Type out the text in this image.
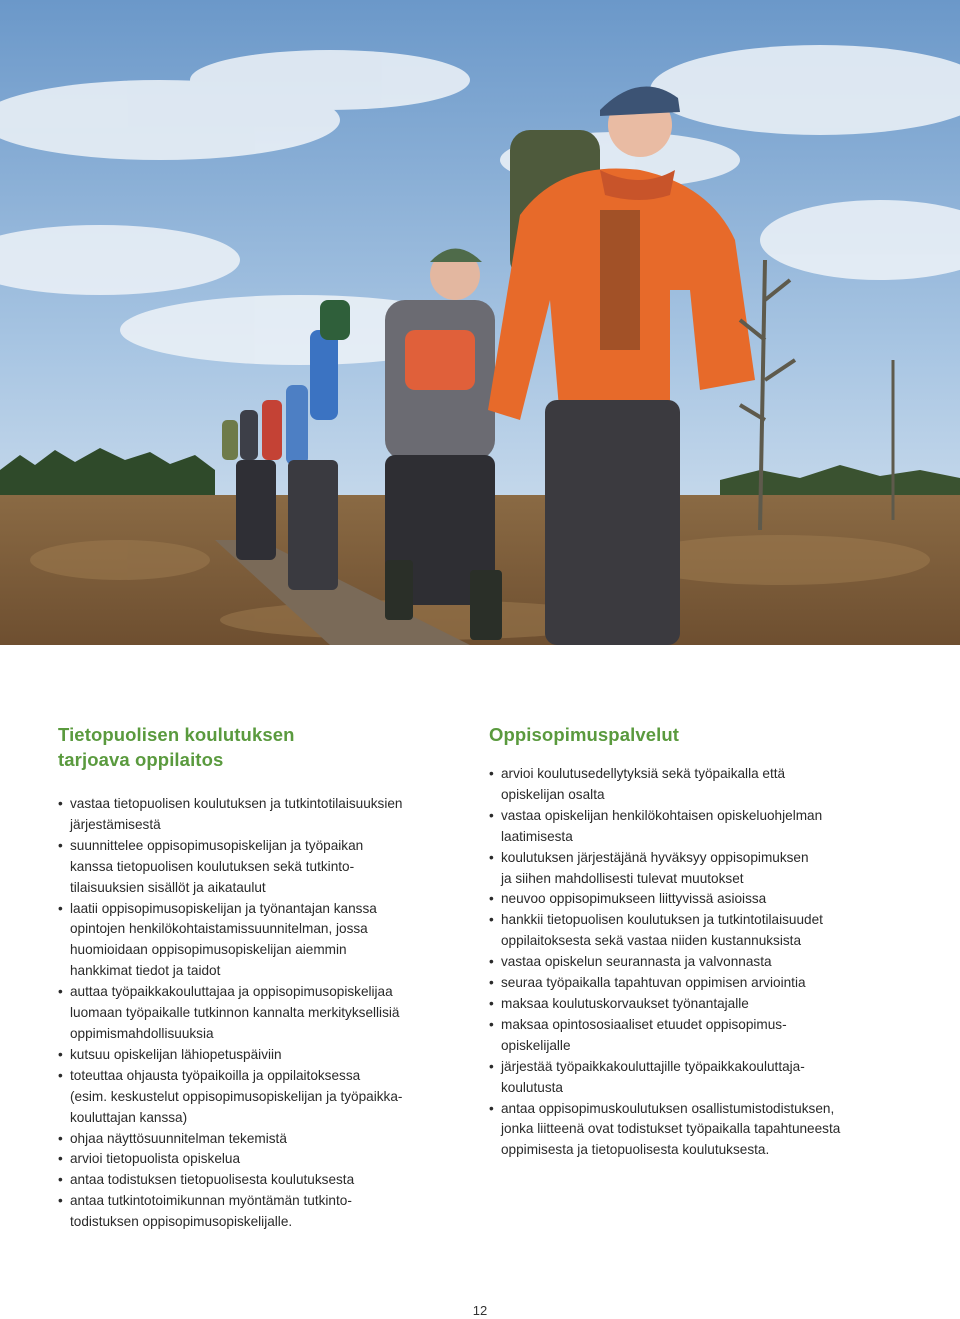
Tietopuolisen koulutuksen
tarjoava oppilaitos
• vastaa tietopuolisen koulutuksen ja tutkintotilaisuuksien
järjestämisestä
• suunnittelee oppisopimusopiskelijan ja työpaikan
kanssa tietopuolisen koulutuksen sekä tutkinto-
tilaisuuksien sisällöt ja aikataulut
• laatii oppisopimusopiskelijan ja työnantajan kanssa
opintojen henkilökohtaistamissuunnitelman, jossa
huomioidaan oppisopimusopiskelijan aiemmin
hankkimat tiedot ja taidot
• auttaa työpaikkakouluttajaa ja oppisopimusopiskelijaa
luomaan työpaikalle tutkinnon kannalta merkityksellisiä
oppimismahdollisuuksia
• kutsuu opiskelijan lähiopetuspäiviin
• toteuttaa ohjausta työpaikoilla ja oppilaitoksessa
(esim. keskustelut oppisopimusopiskelijan ja työpaikka-
kouluttajan kanssa)
• ohjaa näyttösuunnitelman tekemistä
• arvioi tietopuolista opiskelua
• antaa todistuksen tietopuolisesta koulutuksesta
• antaa tutkintotoimikunnan myöntämän tutkinto-
todistuksen oppisopimusopiskelijalle.
Oppisopimuspalvelut
• arvioi koulutusedellytyksiä sekä työpaikalla että
opiskelijan osalta
• vastaa opiskelijan henkilökohtaisen opiskeluohjelman
laatimisesta
• koulutuksen järjestäjänä hyväksyy oppisopimuksen
ja siihen mahdollisesti tulevat muutokset
• neuvoo oppisopimukseen liittyvissä asioissa
• hankkii tietopuolisen koulutuksen ja tutkintotilaisuudet
oppilaitoksesta sekä vastaa niiden kustannuksista
• vastaa opiskelun seurannasta ja valvonnasta
• seuraa työpaikalla tapahtuvan oppimisen arviointia
• maksaa koulutuskorvaukset työnantajalle
• maksaa opintososiaaliset etuudet oppisopimus-
opiskelijalle
• järjestää työpaikkakouluttajille työpaikkakouluttaja-
koulutusta
• antaa oppisopimuskoulutuksen osallistumistodistuksen,
jonka liitteenä ovat todistukset työpaikalla tapahtuneesta
oppimisesta ja tietopuolisesta koulutuksesta.
12
